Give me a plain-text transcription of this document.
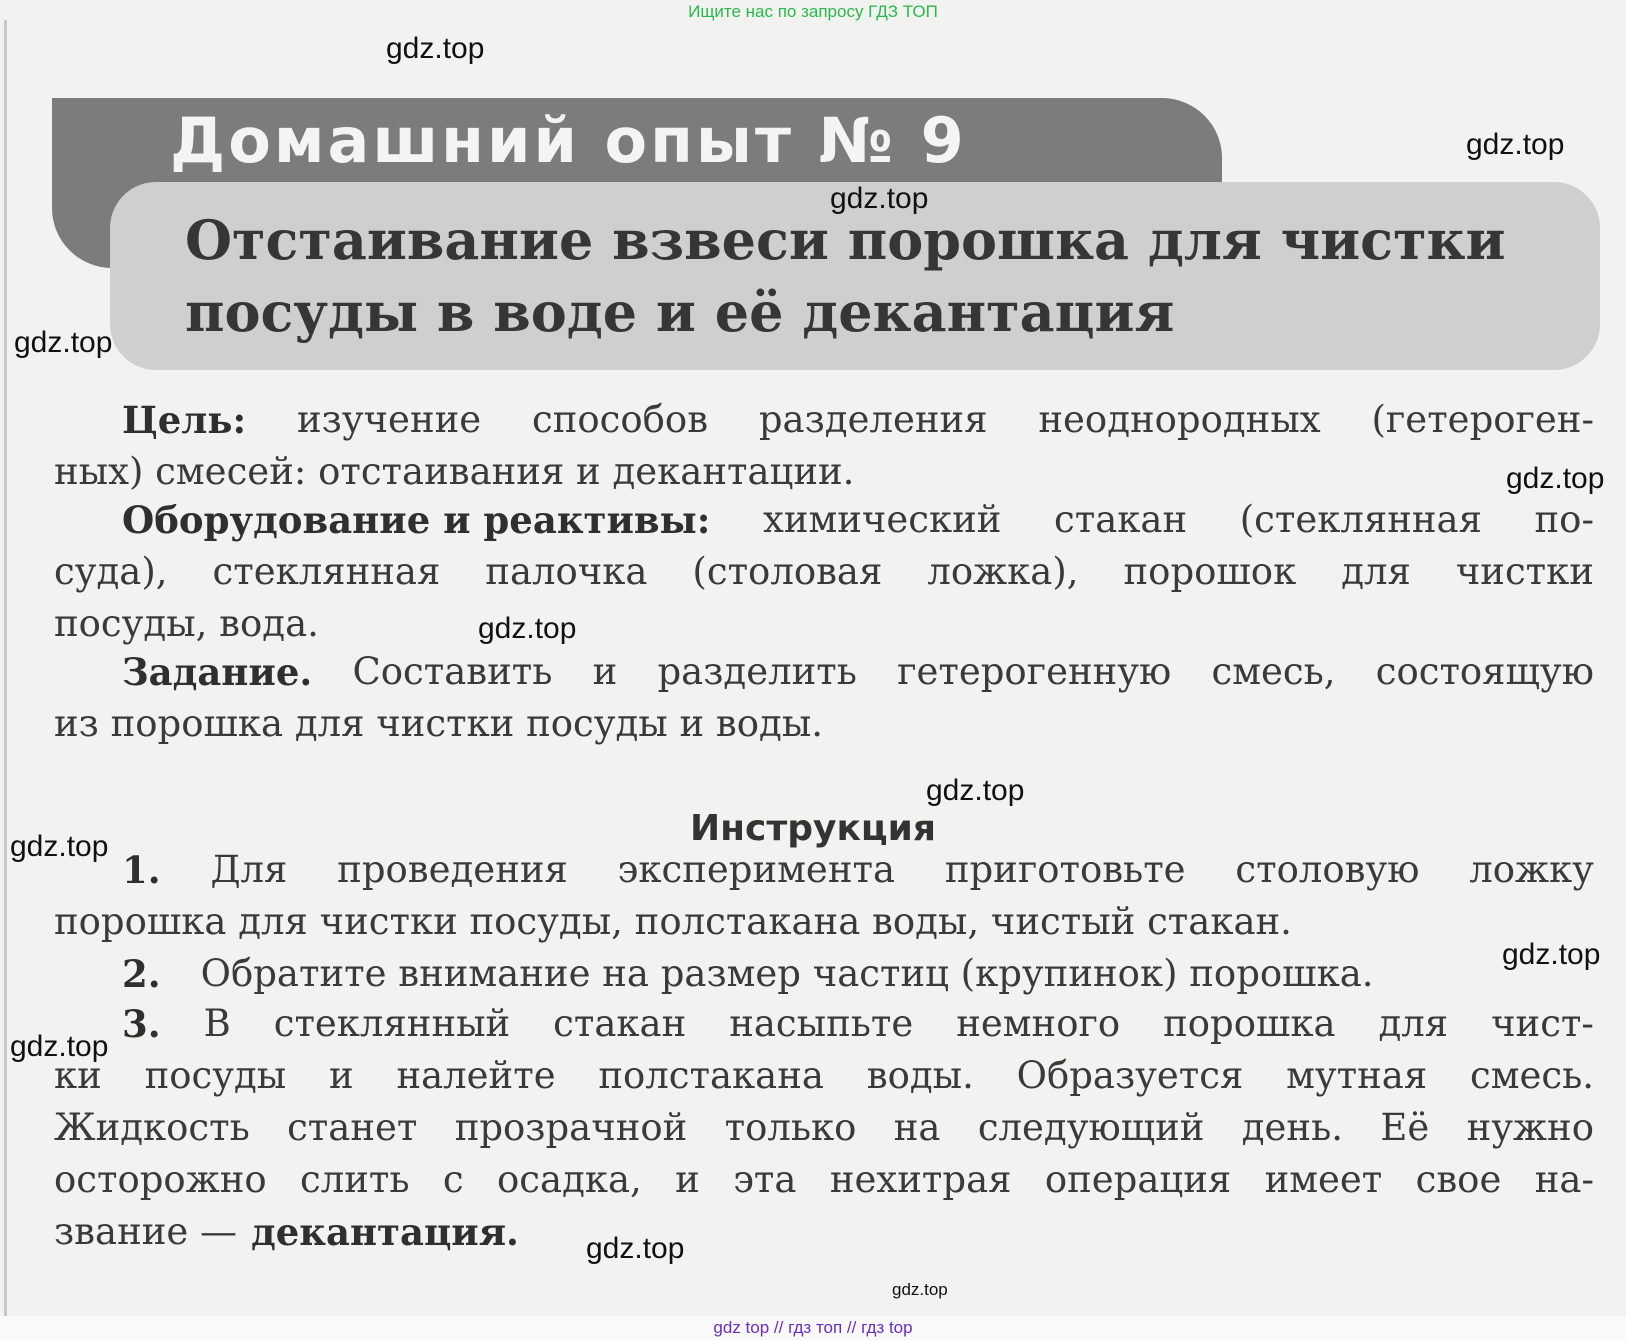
Ищите нас по запросу ГДЗ ТОП
Домашний опыт № 9
Отстаивание взвеси порошка для чистки
посуды в воде и её декантация
Цель: изучение способов разделения неоднородных (гетероген-
ных) смесей: отстаивания и декантации.
Оборудование и реактивы: химический стакан (стеклянная по-
суда), стеклянная палочка (столовая ложка), порошок для чистки
посуды, вода.
Задание. Составить и разделить гетерогенную смесь, состоящую
из порошка для чистки посуды и воды.
Инструкция
1. Для проведения эксперимента приготовьте столовую ложку
порошка для чистки посуды, полстакана воды, чистый стакан.
2. Обратите внимание на размер частиц (крупинок) порошка.
3. В стеклянный стакан насыпьте немного порошка для чист-
ки посуды и налейте полстакана воды. Образуется мутная смесь.
Жидкость станет прозрачной только на следующий день. Её нужно
осторожно слить с осадка, и эта нехитрая операция имеет свое на-
звание — декантация.
gdz.top
gdz.top
gdz.top
gdz.top
gdz.top
gdz.top
gdz.top
gdz.top
gdz.top
gdz.top
gdz.top
gdz.top
gdz top // гдз топ // гдз top
